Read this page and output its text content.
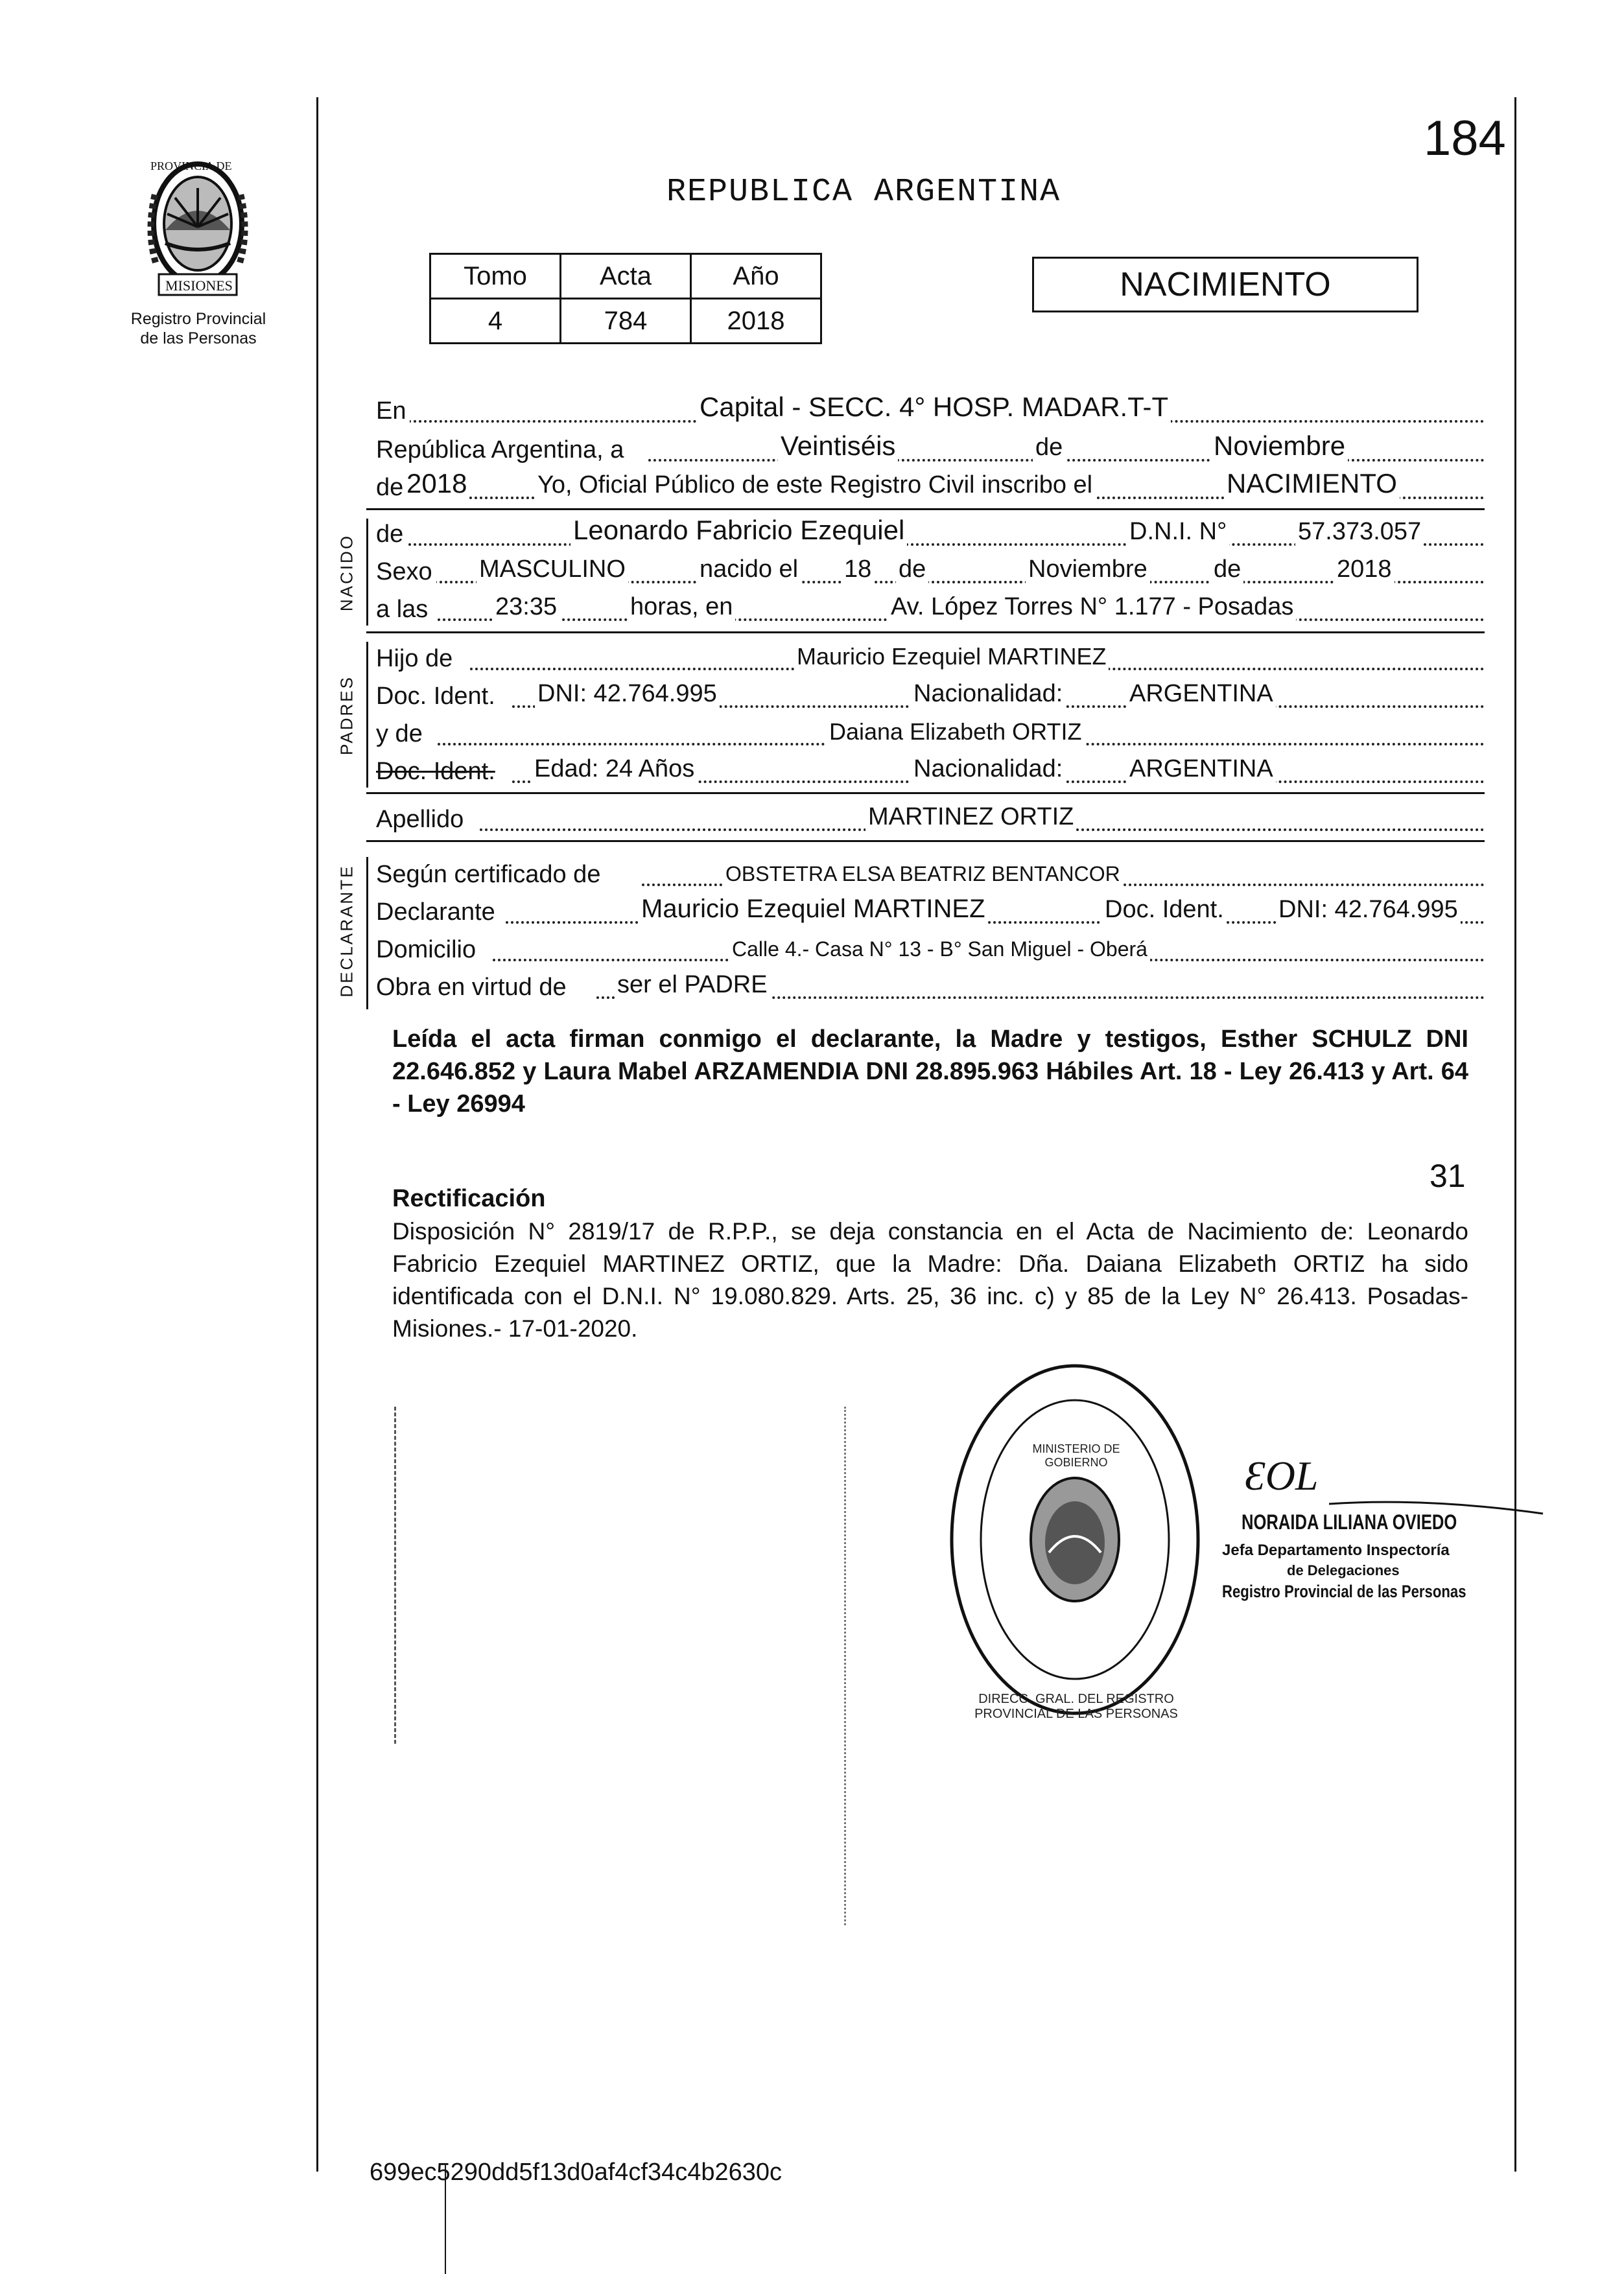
184
PROVINCIA DE
MISIONES
Registro Provincial
de las Personas
REPUBLICA ARGENTINA
Tomo	Acta	Año
4	784	2018
NACIMIENTO
En	Capital - SECC. 4° HOSP. MADAR.T-T
República Argentina, a	Veintiséis	de	Noviembre
de 2018	Yo, Oficial Público de este Registro Civil inscribo el	NACIMIENTO
NACIDO de	Leonardo Fabricio Ezequiel	D.N.I. N°	57.373.057
Sexo MASCULINO	nacido el 18 de	Noviembre	de	2018
a las	23:35	horas, en	Av. López Torres N° 1.177 - Posadas
PADRES
Hijo de	Mauricio Ezequiel MARTINEZ
Doc. Ident. DNI: 42.764.995	Nacionalidad:	ARGENTINA
y de	Daiana Elizabeth ORTIZ
Doc. Ident. Edad: 24 Años	Nacionalidad:	ARGENTINA
Apellido	MARTINEZ ORTIZ
DECLARANTE Según certificado de	OBSTETRA ELSA BEATRIZ BENTANCOR
Declarante	Mauricio Ezequiel MARTINEZ	Doc. Ident. DNI: 42.764.995
Domicilio	Calle 4.- Casa N° 13 - B° San Miguel - Oberá
Obra en virtud de ser el PADRE
Leída el acta firman conmigo el declarante, la Madre y testigos, Esther SCHULZ DNI 22.646.852 y Laura Mabel ARZAMENDIA DNI 28.895.963 Hábiles Art. 18 - Ley 26.413 y Art. 64 - Ley 26994
31
Rectificación
Disposición N° 2819/17 de R.P.P., se deja constancia en el Acta de Nacimiento de: Leonardo Fabricio Ezequiel MARTINEZ ORTIZ, que la Madre: Dña. Daiana Elizabeth ORTIZ ha sido identificada con el D.N.I. N° 19.080.829. Arts. 25, 36 inc. c) y 85 de la Ley N° 26.413. Posadas- Misiones.- 17-01-2020.
DIRECC. GRAL. DEL REGISTRO PROVINCIAL DE LAS PERSONAS
MINISTERIO DE GOBIERNO	ƐOL
NORAIDA LILIANA OVIEDO
Jefa Departamento Inspectoría
de Delegaciones
Registro Provincial de las Personas
699ec5290dd5f13d0af4cf34c4b2630c
